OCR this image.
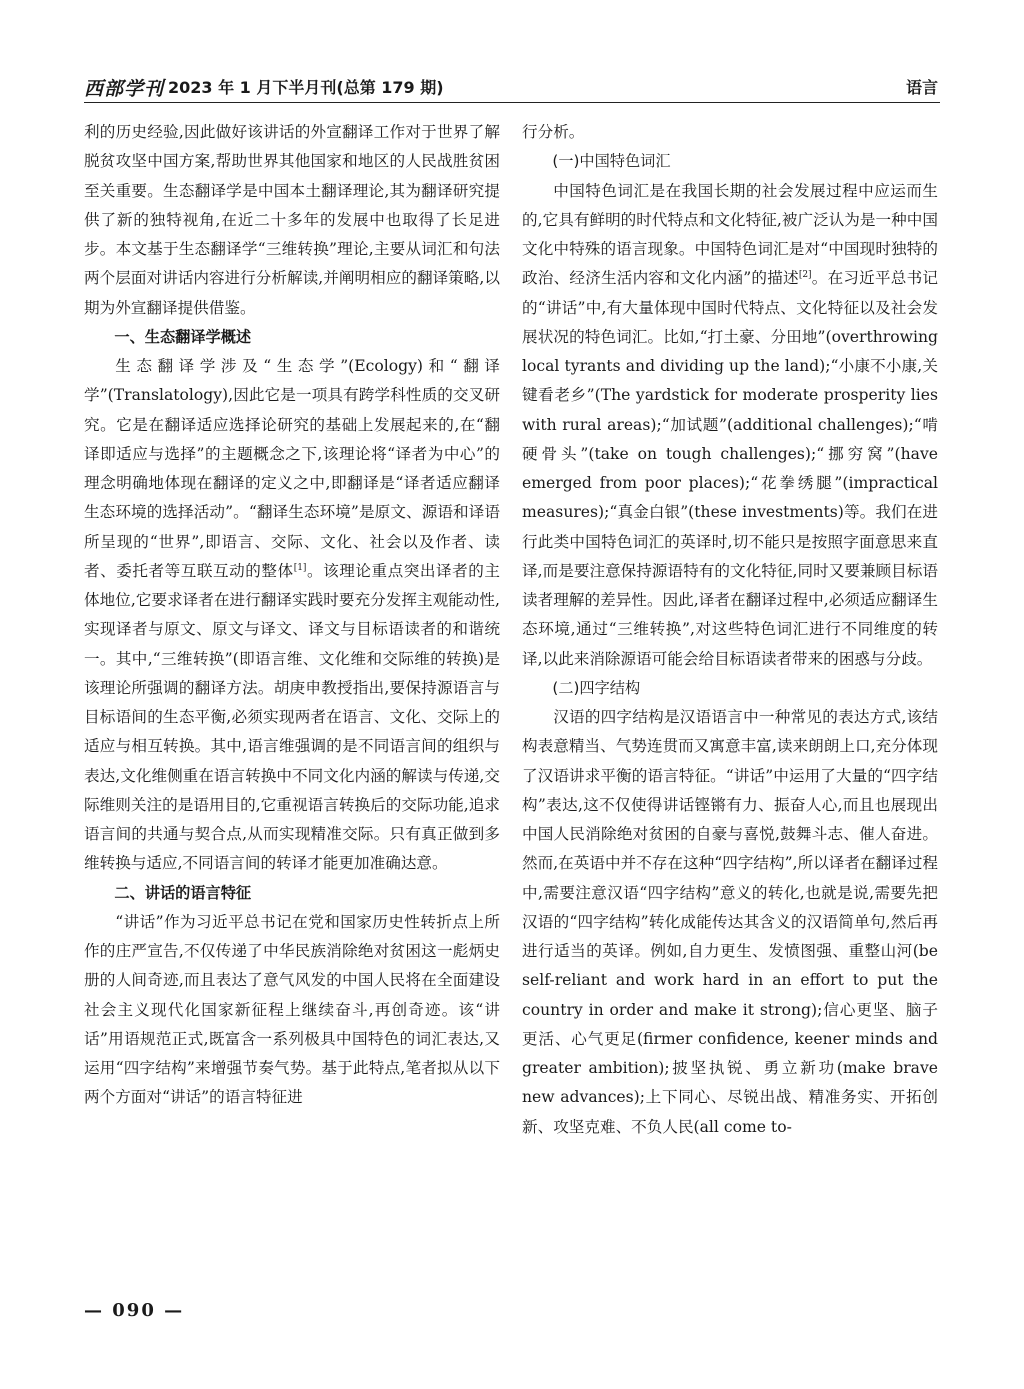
西部学刊 2023 年 1 月下半月刊(总第 179 期)	语言

利的历史经验,因此做好该讲话的外宣翻译工作对于世界了解脱贫攻坚中国方案,帮助世界其他国家和地区的人民战胜贫困至关重要。生态翻译学是中国本土翻译理论,其为翻译研究提供了新的独特视角,在近二十多年的发展中也取得了长足进步。本文基于生态翻译学“三维转换”理论,主要从词汇和句法两个层面对讲话内容进行分析解读,并阐明相应的翻译策略,以期为外宣翻译提供借鉴。

一、生态翻译学概述

生态翻译学涉及“生态学”(Ecology)和“翻译学”(Translatology),因此它是一项具有跨学科性质的交叉研究。它是在翻译适应选择论研究的基础上发展起来的,在“翻译即适应与选择”的主题概念之下,该理论将“译者为中心”的理念明确地体现在翻译的定义之中,即翻译是“译者适应翻译生态环境的选择活动”。“翻译生态环境”是原文、源语和译语所呈现的“世界”,即语言、交际、文化、社会以及作者、读者、委托者等互联互动的整体[1]。该理论重点突出译者的主体地位,它要求译者在进行翻译实践时要充分发挥主观能动性,实现译者与原文、原文与译文、译文与目标语读者的和谐统一。其中,“三维转换”(即语言维、文化维和交际维的转换)是该理论所强调的翻译方法。胡庚申教授指出,要保持源语言与目标语间的生态平衡,必须实现两者在语言、文化、交际上的适应与相互转换。其中,语言维强调的是不同语言间的组织与表达,文化维侧重在语言转换中不同文化内涵的解读与传递,交际维则关注的是语用目的,它重视语言转换后的交际功能,追求语言间的共通与契合点,从而实现精准交际。只有真正做到多维转换与适应,不同语言间的转译才能更加准确达意。

二、讲话的语言特征

“讲话”作为习近平总书记在党和国家历史性转折点上所作的庄严宣告,不仅传递了中华民族消除绝对贫困这一彪炳史册的人间奇迹,而且表达了意气风发的中国人民将在全面建设社会主义现代化国家新征程上继续奋斗,再创奇迹。该“讲话”用语规范正式,既富含一系列极具中国特色的词汇表达,又运用“四字结构”来增强节奏气势。基于此特点,笔者拟从以下两个方面对“讲话”的语言特征进

行分析。

(一)中国特色词汇

中国特色词汇是在我国长期的社会发展过程中应运而生的,它具有鲜明的时代特点和文化特征,被广泛认为是一种中国文化中特殊的语言现象。中国特色词汇是对“中国现时独特的政治、经济生活内容和文化内涵”的描述[2]。在习近平总书记的“讲话”中,有大量体现中国时代特点、文化特征以及社会发展状况的特色词汇。比如,“打土豪、分田地”(overthrowing local tyrants and dividing up the land);“小康不小康,关键看老乡”(The yardstick for moderate prosperity lies with rural areas);“加试题”(additional challenges);“啃硬骨头”(take on tough challenges);“挪穷窝”(have emerged from poor places);“花拳绣腿”(impractical measures);“真金白银”(these investments)等。我们在进行此类中国特色词汇的英译时,切不能只是按照字面意思来直译,而是要注意保持源语特有的文化特征,同时又要兼顾目标语读者理解的差异性。因此,译者在翻译过程中,必须适应翻译生态环境,通过“三维转换”,对这些特色词汇进行不同维度的转译,以此来消除源语可能会给目标语读者带来的困惑与分歧。

(二)四字结构

汉语的四字结构是汉语语言中一种常见的表达方式,该结构表意精当、气势连贯而又寓意丰富,读来朗朗上口,充分体现了汉语讲求平衡的语言特征。“讲话”中运用了大量的“四字结构”表达,这不仅使得讲话铿锵有力、振奋人心,而且也展现出中国人民消除绝对贫困的自豪与喜悦,鼓舞斗志、催人奋进。然而,在英语中并不存在这种“四字结构”,所以译者在翻译过程中,需要注意汉语“四字结构”意义的转化,也就是说,需要先把汉语的“四字结构”转化成能传达其含义的汉语简单句,然后再进行适当的英译。例如,自力更生、发愤图强、重整山河(be self-reliant and work hard in an effort to put the country in order and make it strong);信心更坚、脑子更活、心气更足(firmer confidence, keener minds and greater ambition);披坚执锐、勇立新功(make brave new advances);上下同心、尽锐出战、精准务实、开拓创新、攻坚克难、不负人民(all come to-

— 090 —
